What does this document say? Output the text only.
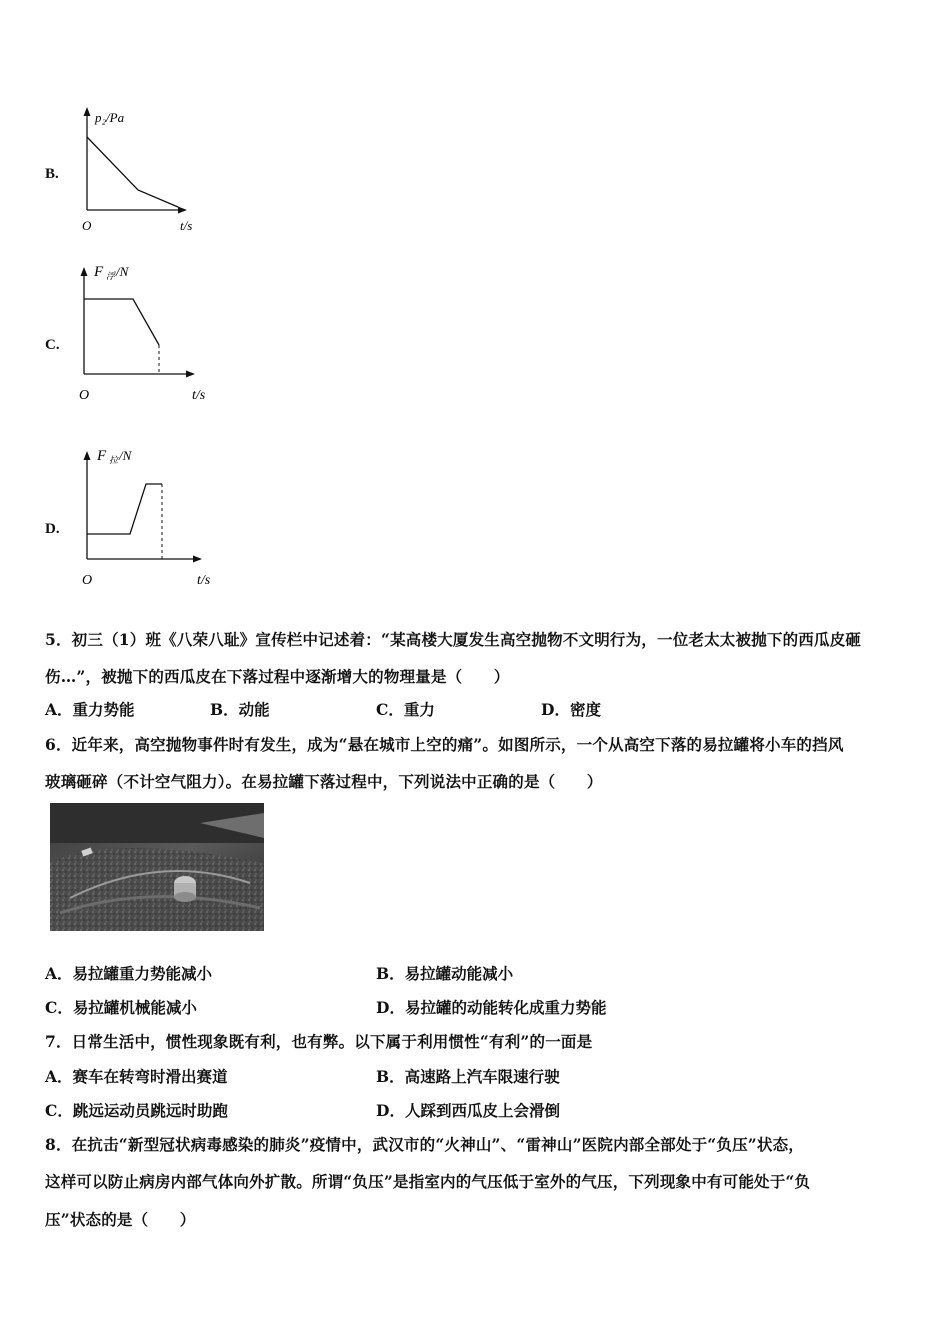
B.
p₂/Pa
O	t/s
C.
F 浮 /N
O	t/s
D.
F 拉 /N
O	t/s
5．初三（1）班《八荣八耻》宣传栏中记述着：“某高楼大厦发生高空抛物不文明行为，一位老太太被抛下的西瓜皮砸
伤…”，被抛下的西瓜皮在下落过程中逐渐增大的物理量是（　　）
A．重力势能	B．动能	C．重力	D．密度
6．近年来，高空抛物事件时有发生，成为“悬在城市上空的痛”。如图所示，一个从高空下落的易拉罐将小车的挡风
玻璃砸碎（不计空气阻力）。在易拉罐下落过程中，下列说法中正确的是（　　）
A．易拉罐重力势能减小	B．易拉罐动能减小
C．易拉罐机械能减小	D．易拉罐的动能转化成重力势能
7．日常生活中，惯性现象既有利，也有弊。以下属于利用惯性“有利”的一面是
A．赛车在转弯时滑出赛道	B．高速路上汽车限速行驶
C．跳远运动员跳远时助跑	D．人踩到西瓜皮上会滑倒
8．在抗击“新型冠状病毒感染的肺炎”疫情中，武汉市的“火神山”、“雷神山”医院内部全部处于“负压”状态，
这样可以防止病房内部气体向外扩散。所谓“负压”是指室内的气压低于室外的气压，下列现象中有可能处于“负
压”状态的是（　　）
